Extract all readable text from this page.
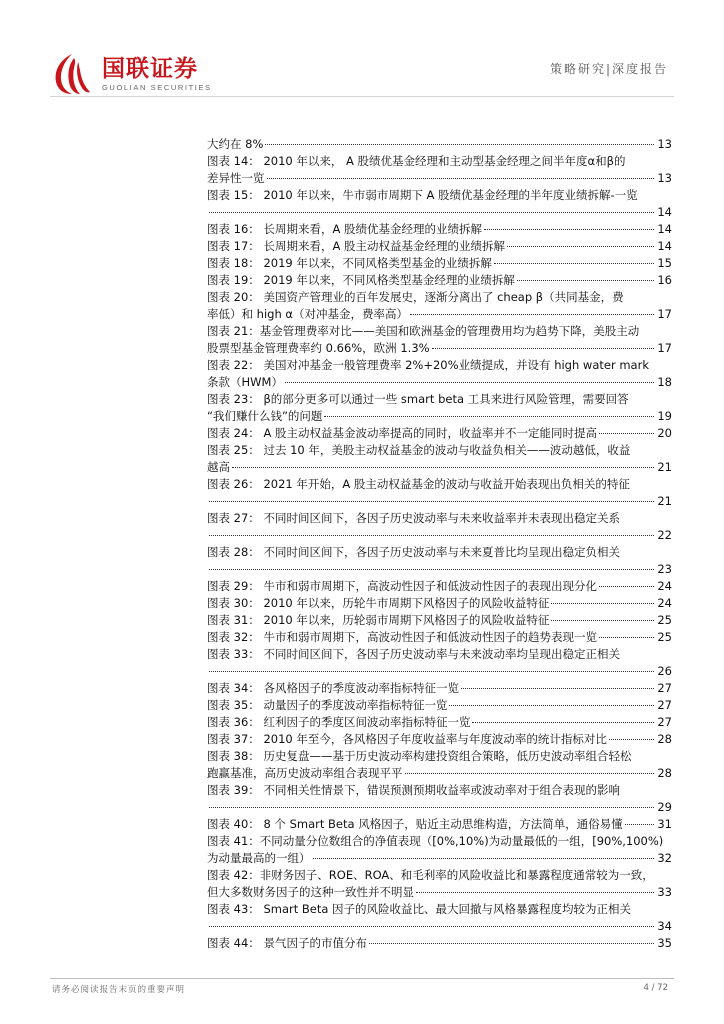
国联证券
GUOLIAN SECURITIES
策略研究|深度报告
大约在 8%	13
图表 14： 2010 年以来， A 股绩优基金经理和主动型基金经理之间半年度α和β的
差异性一览	13
图表 15： 2010 年以来，牛市弱市周期下 A 股绩优基金经理的半年度业绩拆解-一览
14
图表 16： 长周期来看，A 股绩优基金经理的业绩拆解	14
图表 17： 长周期来看，A 股主动权益基金经理的业绩拆解	14
图表 18： 2019 年以来，不同风格类型基金的业绩拆解	15
图表 19： 2019 年以来，不同风格类型基金经理的业绩拆解	16
图表 20： 美国资产管理业的百年发展史，逐渐分离出了 cheap β（共同基金，费
率低）和 high α（对冲基金，费率高）	17
图表 21：基金管理费率对比——美国和欧洲基金的管理费用均为趋势下降，美股主动
股票型基金管理费率约 0.66%，欧洲 1.3%	17
图表 22： 美国对冲基金一般管理费率 2%+20%业绩提成，并设有 high water mark
条款（HWM）	18
图表 23： β的部分更多可以通过一些 smart beta 工具来进行风险管理，需要回答
“我们赚什么钱”的问题	19
图表 24： A 股主动权益基金波动率提高的同时，收益率并不一定能同时提高	20
图表 25： 过去 10 年，美股主动权益基金的波动与收益负相关——波动越低，收益
越高	21
图表 26： 2021 年开始，A 股主动权益基金的波动与收益开始表现出负相关的特征
21
图表 27： 不同时间区间下，各因子历史波动率与未来收益率并未表现出稳定关系
22
图表 28： 不同时间区间下，各因子历史波动率与未来夏普比均呈现出稳定负相关
23
图表 29： 牛市和弱市周期下，高波动性因子和低波动性因子的表现出现分化	24
图表 30： 2010 年以来，历轮牛市周期下风格因子的风险收益特征	24
图表 31： 2010 年以来，历轮弱市周期下风格因子的风险收益特征	25
图表 32： 牛市和弱市周期下，高波动性因子和低波动性因子的趋势表现一览	25
图表 33： 不同时间区间下，各因子历史波动率与未来波动率均呈现出稳定正相关
26
图表 34： 各风格因子的季度波动率指标特征一览	27
图表 35： 动量因子的季度波动率指标特征一览	27
图表 36： 红利因子的季度区间波动率指标特征一览	27
图表 37： 2010 年至今，各风格因子年度收益率与年度波动率的统计指标对比	28
图表 38： 历史复盘——基于历史波动率构建投资组合策略，低历史波动率组合轻松
跑赢基准，高历史波动率组合表现平平	28
图表 39： 不同相关性情景下，错误预测预期收益率或波动率对于组合表现的影响
29
图表 40： 8 个 Smart Beta 风格因子，贴近主动思维构造，方法简单，通俗易懂	31
图表 41：不同动量分位数组合的净值表现（[0%,10%)为动量最低的一组，[90%,100%)
为动量最高的一组）	32
图表 42：非财务因子、ROE、ROA、和毛利率的风险收益比和暴露程度通常较为一致，
但大多数财务因子的这种一致性并不明显	33
图表 43： Smart Beta 因子的风险收益比、最大回撤与风格暴露程度均较为正相关
34
图表 44： 景气因子的市值分布	35
请务必阅读报告末页的重要声明	4 / 72
